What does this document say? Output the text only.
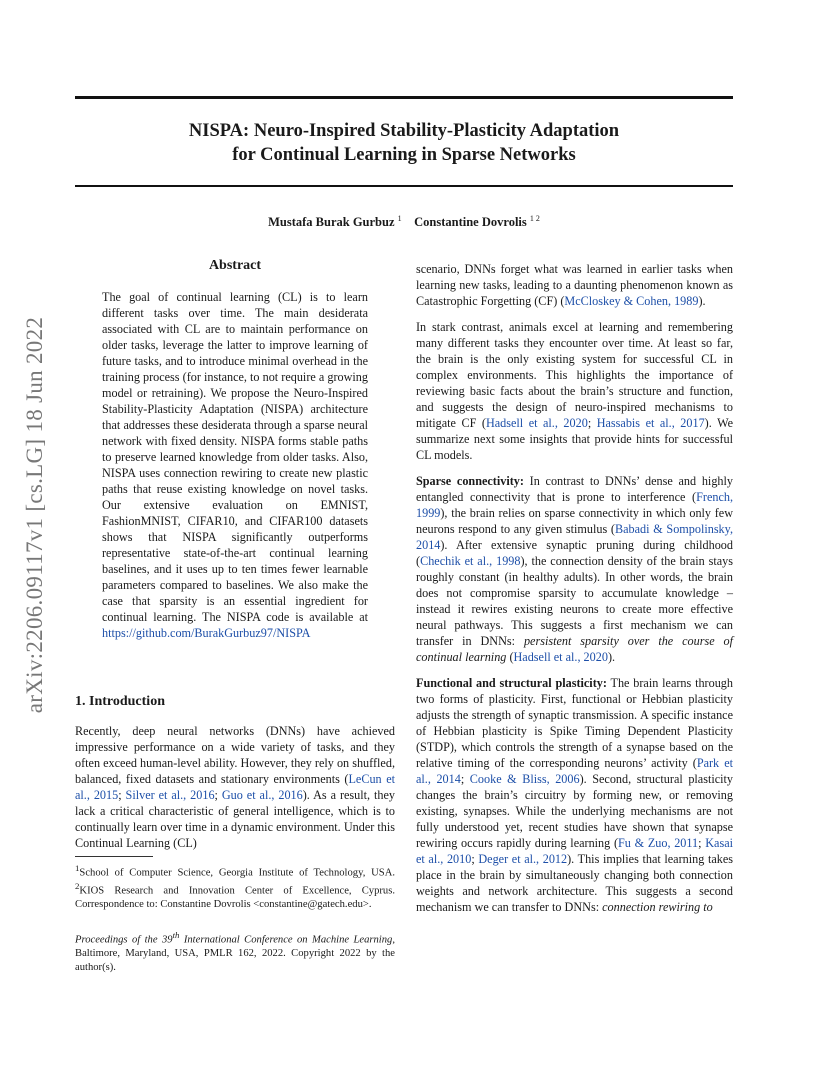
NISPA: Neuro-Inspired Stability-Plasticity Adaptation
for Continual Learning in Sparse Networks
Mustafa Burak Gurbuz $^1$ Constantine Dovrolis $^{1 2}$
arXiv:2206.09117v1 [cs.LG] 18 Jun 2022
Abstract
The goal of continual learning (CL) is to learn different tasks over time. The main desiderata associated with CL are to maintain performance on older tasks, leverage the latter to improve learning of future tasks, and to introduce minimal overhead in the training process (for instance, to not require a growing model or retraining). We propose the Neuro-Inspired Stability-Plasticity Adaptation (NISPA) architecture that addresses these desiderata through a sparse neural network with fixed density. NISPA forms stable paths to preserve learned knowledge from older tasks. Also, NISPA uses connection rewiring to create new plastic paths that reuse existing knowledge on novel tasks. Our extensive evaluation on EMNIST, FashionMNIST, CIFAR10, and CIFAR100 datasets shows that NISPA significantly outperforms representative state-of-the-art continual learning baselines, and it uses up to ten times fewer learnable parameters compared to baselines. We also make the case that sparsity is an essential ingredient for continual learning. The NISPA code is available at https://github.com/BurakGurbuz97/NISPA
1. Introduction

Recently, deep neural networks (DNNs) have achieved impressive performance on a wide variety of tasks, and they often exceed human-level ability. However, they rely on shuffled, balanced, fixed datasets and stationary environments (LeCun et al., 2015; Silver et al., 2016; Guo et al., 2016). As a result, they lack a critical characteristic of general intelligence, which is to continually learn over time in a dynamic environment. Under this Continual Learning (CL)

$^1$School of Computer Science, Georgia Institute of Technology, USA. $^2$KIOS Research and Innovation Center of Excellence, Cyprus. Correspondence to: Constantine Dovrolis <constantine@gatech.edu>.
Proceedings of the 39th International Conference on Machine Learning, Baltimore, Maryland, USA, PMLR 162, 2022. Copyright 2022 by the author(s).

scenario, DNNs forget what was learned in earlier tasks when learning new tasks, leading to a daunting phenomenon known as Catastrophic Forgetting (CF) (McCloskey & Cohen, 1989).

In stark contrast, animals excel at learning and remembering many different tasks they encounter over time. At least so far, the brain is the only existing system for successful CL in complex environments. This highlights the importance of reviewing basic facts about the brain’s structure and function, and suggests the design of neuro-inspired mechanisms to mitigate CF (Hadsell et al., 2020; Hassabis et al., 2017). We summarize next some insights that provide hints for successful CL models.

Sparse connectivity: In contrast to DNNs’ dense and highly entangled connectivity that is prone to interference (French, 1999), the brain relies on sparse connectivity in which only few neurons respond to any given stimulus (Babadi & Sompolinsky, 2014). After extensive synaptic pruning during childhood (Chechik et al., 1998), the connection density of the brain stays roughly constant (in healthy adults). In other words, the brain does not compromise sparsity to accumulate knowledge – instead it rewires existing neurons to create more effective neural pathways. This suggests a first mechanism we can transfer in DNNs: persistent sparsity over the course of continual learning (Hadsell et al., 2020).

Functional and structural plasticity: The brain learns through two forms of plasticity. First, functional or Hebbian plasticity adjusts the strength of synaptic transmission. A specific instance of Hebbian plasticity is Spike Timing Dependent Plasticity (STDP), which controls the strength of a synapse based on the relative timing of the corresponding neurons’ activity (Park et al., 2014; Cooke & Bliss, 2006). Second, structural plasticity changes the brain’s circuitry by forming new, or removing existing, synapses. While the underlying mechanisms are not fully understood yet, recent studies have shown that synapse rewiring occurs rapidly during learning (Fu & Zuo, 2011; Kasai et al., 2010; Deger et al., 2012). This implies that learning takes place in the brain by simultaneously changing both connection weights and network architecture. This suggests a second mechanism we can transfer to DNNs: connection rewiring to
